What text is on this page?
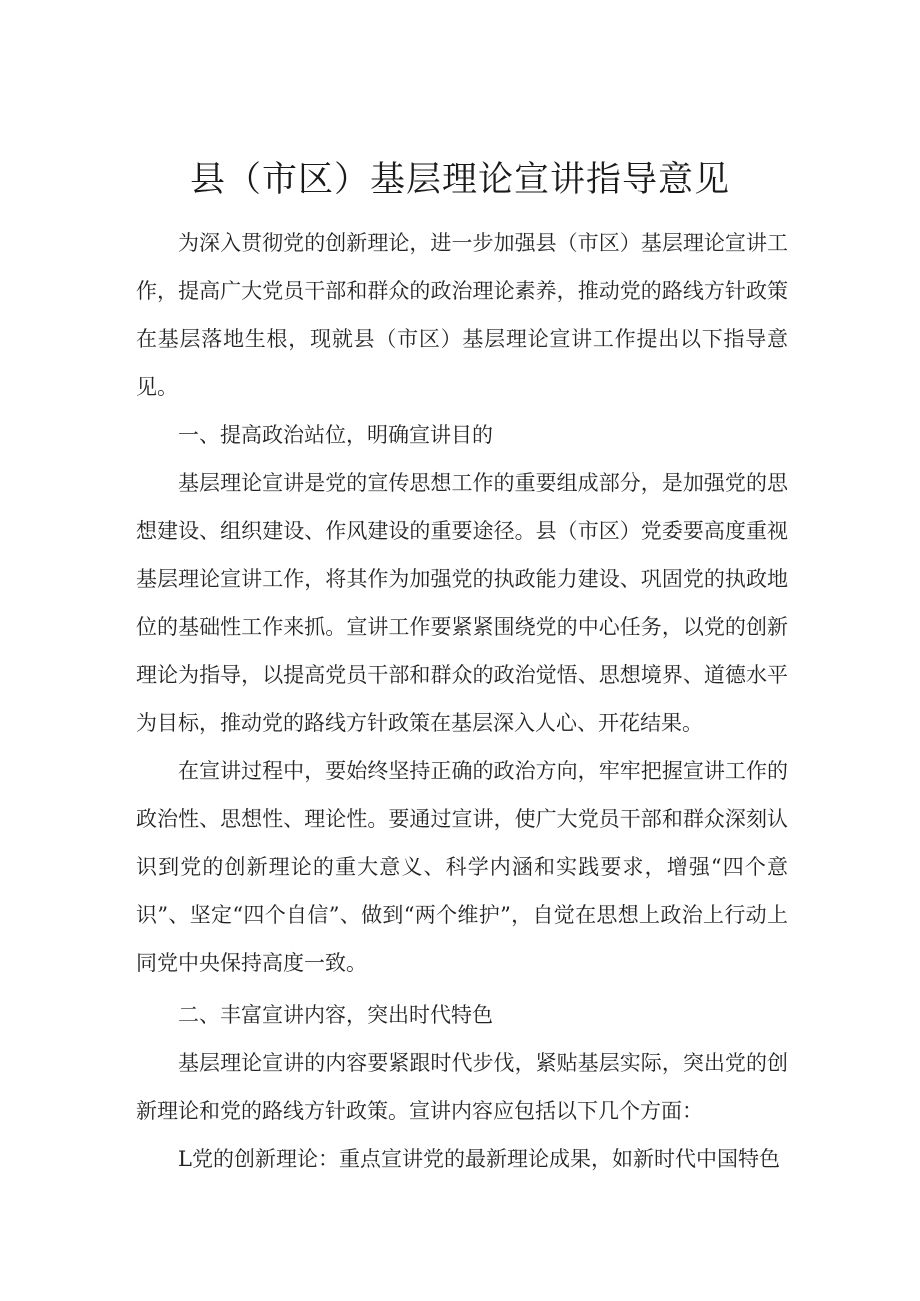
县（市区）基层理论宣讲指导意见

为深入贯彻党的创新理论，进一步加强县（市区）基层理论宣讲工作，提高广大党员干部和群众的政治理论素养，推动党的路线方针政策在基层落地生根，现就县（市区）基层理论宣讲工作提出以下指导意见。

一、提高政治站位，明确宣讲目的

基层理论宣讲是党的宣传思想工作的重要组成部分，是加强党的思想建设、组织建设、作风建设的重要途径。县（市区）党委要高度重视基层理论宣讲工作，将其作为加强党的执政能力建设、巩固党的执政地位的基础性工作来抓。宣讲工作要紧紧围绕党的中心任务，以党的创新理论为指导，以提高党员干部和群众的政治觉悟、思想境界、道德水平为目标，推动党的路线方针政策在基层深入人心、开花结果。

在宣讲过程中，要始终坚持正确的政治方向，牢牢把握宣讲工作的政治性、思想性、理论性。要通过宣讲，使广大党员干部和群众深刻认识到党的创新理论的重大意义、科学内涵和实践要求，增强“四个意识”、坚定“四个自信”、做到“两个维护”，自觉在思想上政治上行动上同党中央保持高度一致。

二、丰富宣讲内容，突出时代特色

基层理论宣讲的内容要紧跟时代步伐，紧贴基层实际，突出党的创新理论和党的路线方针政策。宣讲内容应包括以下几个方面：

L党的创新理论：重点宣讲党的最新理论成果，如新时代中国特色
